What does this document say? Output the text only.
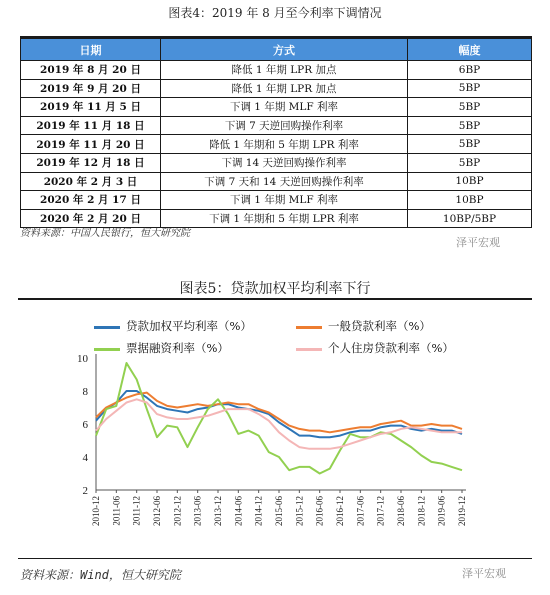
图表4：2019 年 8 月至今利率下调情况
日期	方式	幅度
2019 年 8 月 20 日	降低 1 年期 LPR 加点	6BP
2019 年 9 月 20 日	降低 1 年期 LPR 加点	5BP
2019 年 11 月 5 日	下调 1 年期 MLF 利率	5BP
2019 年 11 月 18 日	下调 7 天逆回购操作利率	5BP
2019 年 11 月 20 日	降低 1 年期和 5 年期 LPR 利率	5BP
2019 年 12 月 18 日	下调 14 天逆回购操作利率	5BP
2020 年 2 月 3 日	下调 7 天和 14 天逆回购操作利率	10BP
2020 年 2 月 17 日	下调 1 年期 MLF 利率	10BP
2020 年 2 月 20 日	下调 1 年期和 5 年期 LPR 利率	10BP/5BP
资料来源：中国人民银行，恒大研究院
泽平宏观
图表5：贷款加权平均利率下行
贷款加权平均利率（%）	一般贷款利率（%）
票据融资利率（%）	个人住房贷款利率（%）
2
4
6
8
10
2010-12 2011-06 2011-12 2012-06 2012-12 2013-06 2013-12 2014-06 2014-12 2015-06 2015-12 2016-06 2016-12 2017-06 2017-12 2018-06 2018-12 2019-06 2019-12
资料来源：Wind，恒大研究院	泽平宏观
